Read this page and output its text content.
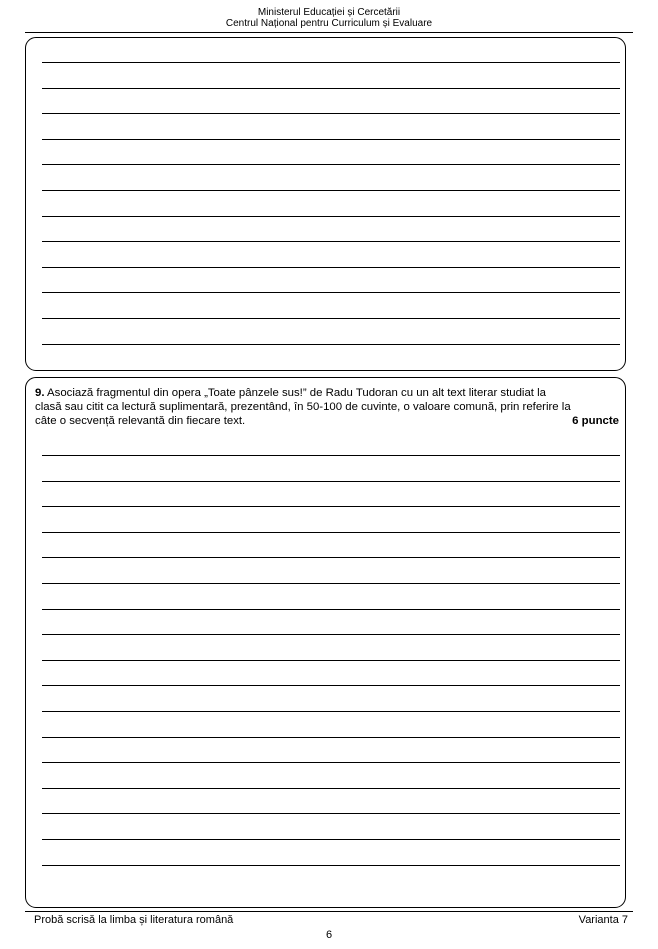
Ministerul Educației și Cercetării
Centrul Național pentru Curriculum și Evaluare
9. Asociază fragmentul din opera „Toate pânzele sus!” de Radu Tudoran cu un alt text literar studiat la
clasă sau citit ca lectură suplimentară, prezentând, în 50-100 de cuvinte, o valoare comună, prin referire la
câte o secvență relevantă din fiecare text.	6 puncte
Probă scrisă la limba și literatura română	Varianta 7
6
